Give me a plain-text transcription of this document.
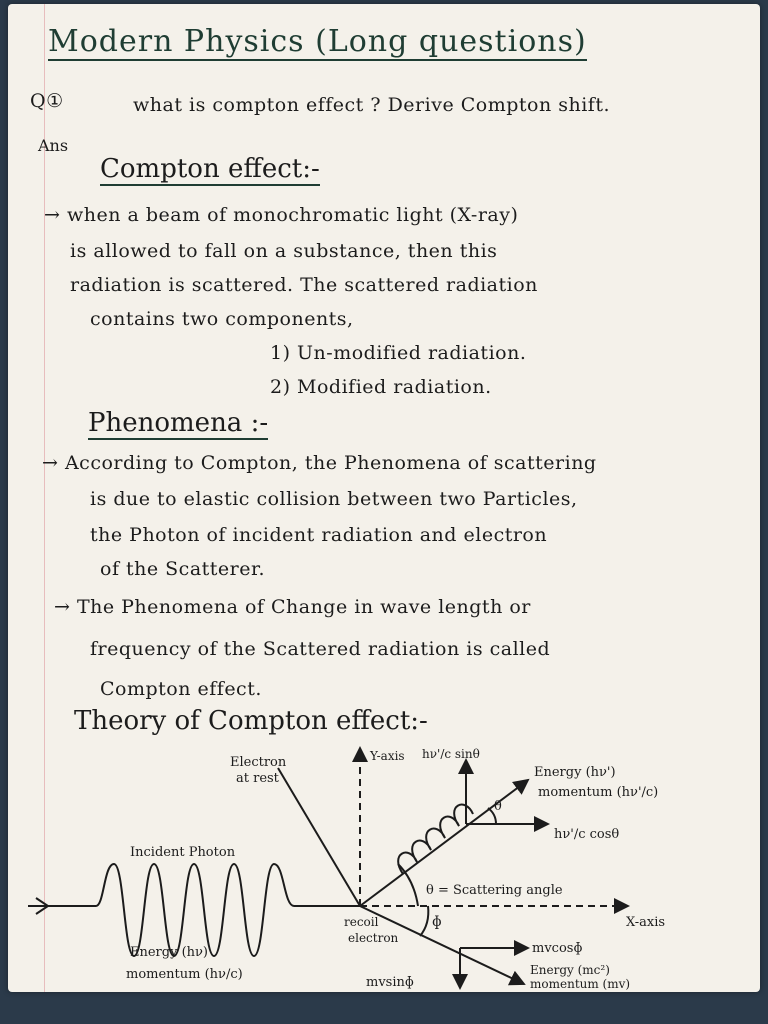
Modern Physics (Long questions)
Q①	what is compton effect ? Derive Compton shift.
Ans
Compton effect:-
→ when a beam of monochromatic light (X-ray)
is allowed to fall on a substance, then this
radiation is scattered. The scattered radiation
contains two components,
1) Un-modified radiation.
2) Modified radiation.
Phenomena :-
→ According to Compton, the Phenomena of scattering
is due to elastic collision between two Particles,
the Photon of incident radiation and electron
of the Scatterer.
→ The Phenomena of Change in wave length or
frequency of the Scattered radiation is called
Compton effect.
Theory of Compton effect:-
Electron
at rest
Y-axis hν'/c sinθ
Energy (hν')
momentum (hν'/c)
θ
hν'/c cosθ
Incident Photon
θ = Scattering angle
ɸ	X-axis
recoil
electron
mvcosɸ
mvsinɸ
Energy (hν)
momentum (hν/c)	Energy (mc²)
momentum (mv)
